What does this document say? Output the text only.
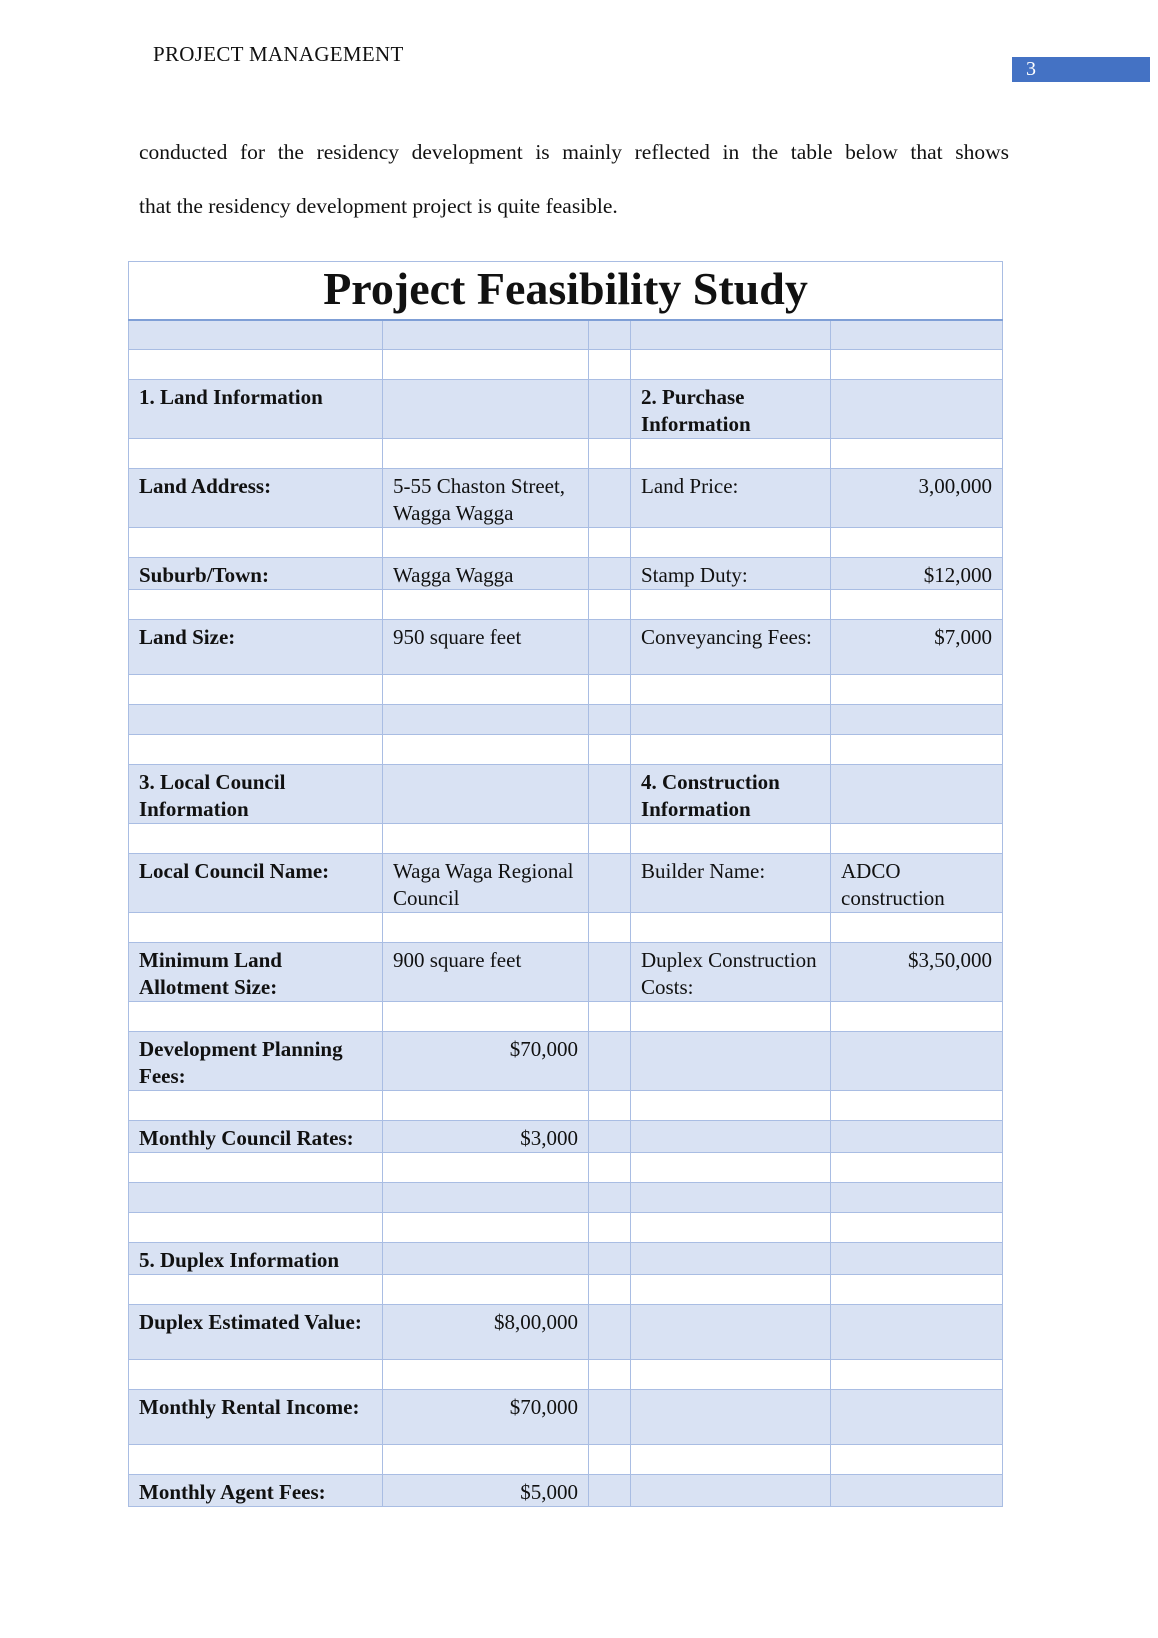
PROJECT MANAGEMENT
3

conducted for the residency development is mainly reflected in the table below that shows
that the residency development project is quite feasible.

Project Feasibility Study				

1. Land Information			2. Purchase Information	

Land Address:	5-55 Chaston Street, Wagga Wagga		Land Price:	3,00,000

Suburb/Town:	Wagga Wagga		Stamp Duty:	$12,000

Land Size:	950 square feet		Conveyancing Fees:	$7,000

3. Local Council Information			4. Construction Information	

Local Council Name:	Waga Waga Regional Council		Builder Name:	ADCO construction

Minimum Land Allotment Size:	900 square feet		Duplex Construction Costs:	$3,50,000

Development Planning Fees:	$70,000			

Monthly Council Rates:	$3,000			

5. Duplex Information				

Duplex Estimated Value:	$8,00,000			

Monthly Rental Income:	$70,000			

Monthly Agent Fees:	$5,000			
